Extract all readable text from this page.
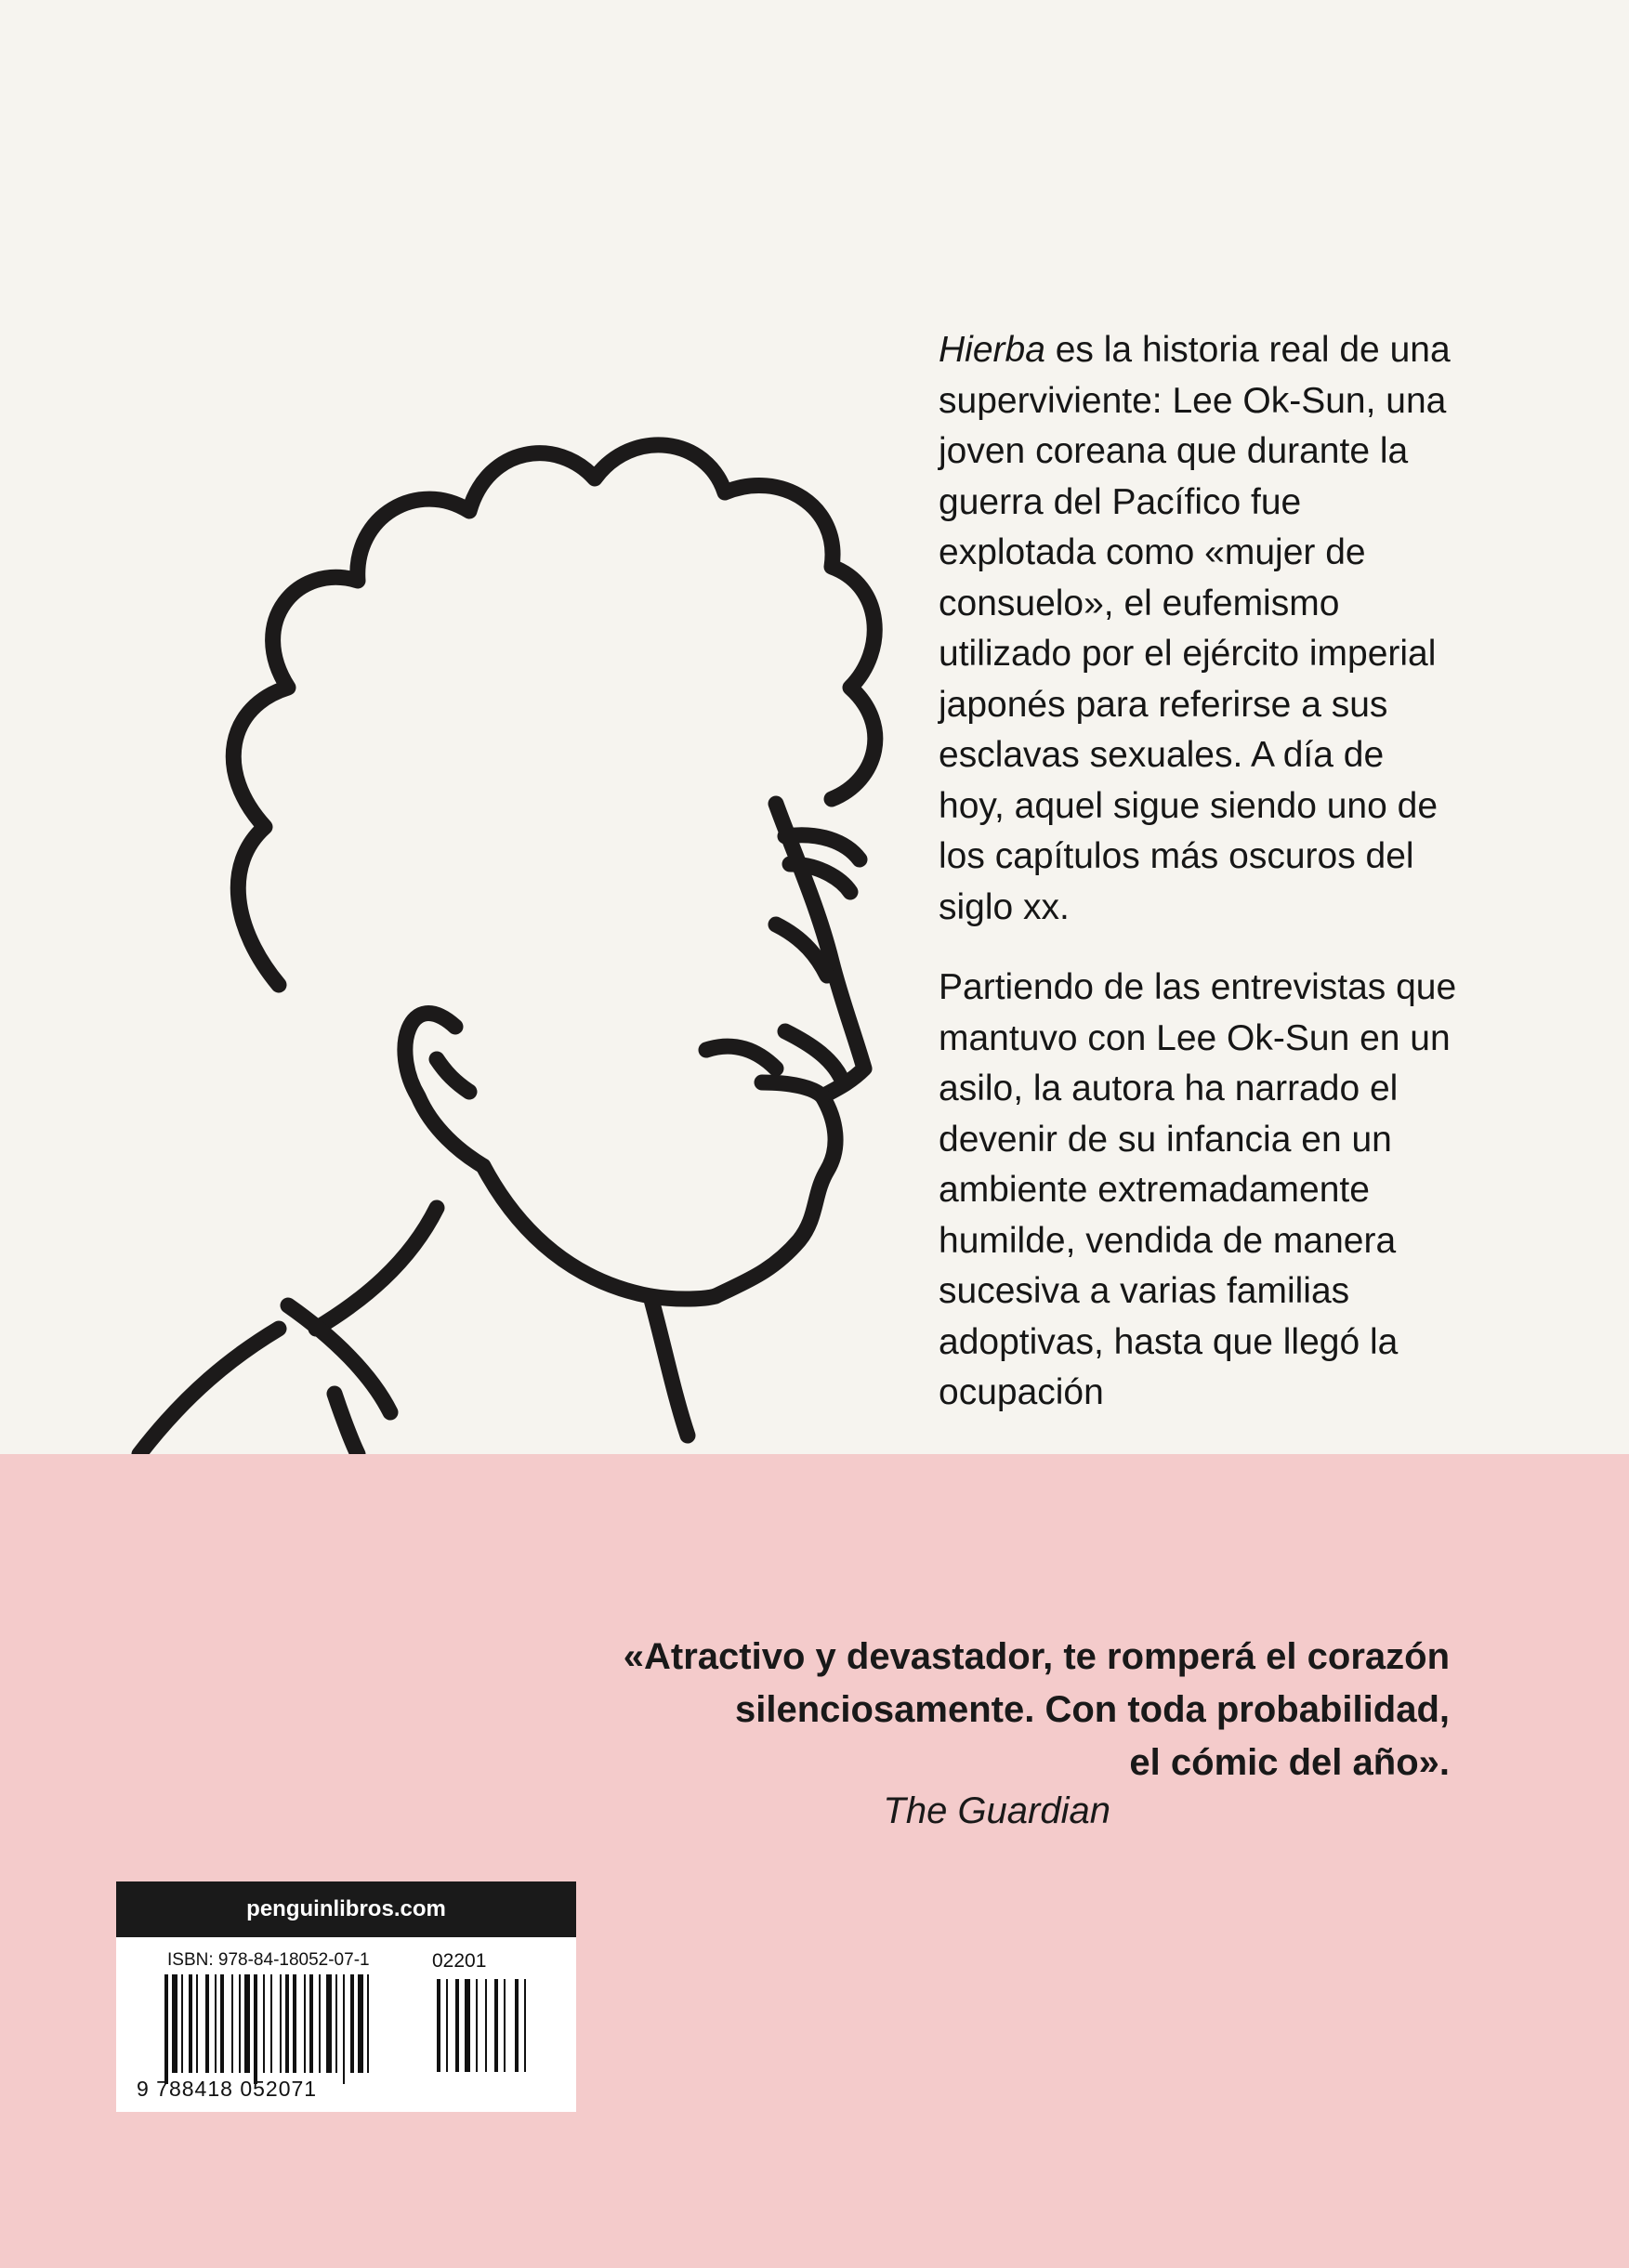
Hierba es la historia real de una superviviente: Lee Ok-Sun, una joven coreana que durante la guerra del Pacífico fue explotada como «mujer de consuelo», el eufemismo utilizado por el ejército imperial japonés para referirse a sus esclavas sexuales. A día de hoy, aquel sigue siendo uno de los capítulos más oscuros del siglo xx.

Partiendo de las entrevistas que mantuvo con Lee Ok-Sun en un asilo, la autora ha narrado el devenir de su infancia en un ambiente extremadamente humilde, vendida de manera sucesiva a varias familias adoptivas, hasta que llegó la ocupación

«Atractivo y devastador, te romperá el corazón
silenciosamente. Con toda probabilidad,
el cómic del año».
The Guardian
penguinlibros.com
ISBN: 978-84-18052-07-1	02201
9 788418 052071
